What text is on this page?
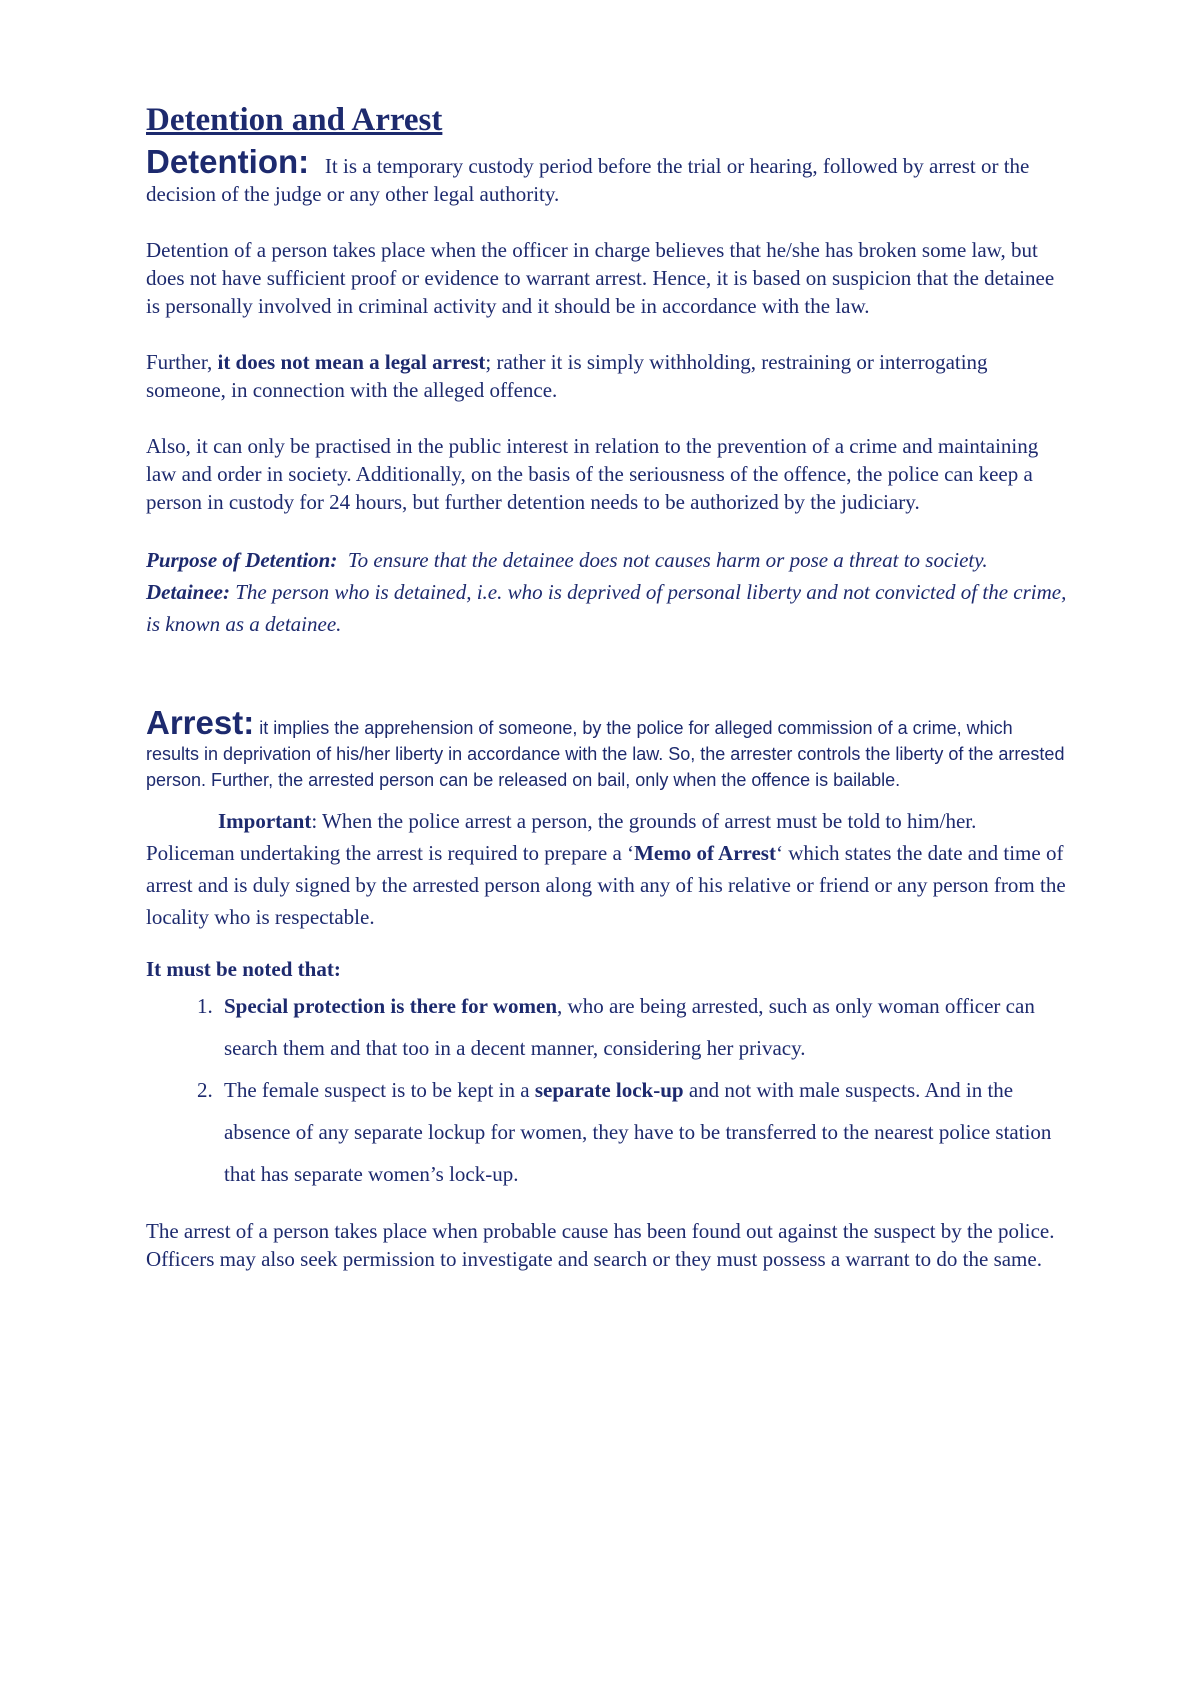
Detention and Arrest

Detention: It is a temporary custody period before the trial or hearing, followed by arrest or the decision of the judge or any other legal authority.

Detention of a person takes place when the officer in charge believes that he/she has broken some law, but does not have sufficient proof or evidence to warrant arrest. Hence, it is based on suspicion that the detainee is personally involved in criminal activity and it should be in accordance with the law.

Further, it does not mean a legal arrest; rather it is simply withholding, restraining or interrogating someone, in connection with the alleged offence.

Also, it can only be practised in the public interest in relation to the prevention of a crime and maintaining law and order in society. Additionally, on the basis of the seriousness of the offence, the police can keep a person in custody for 24 hours, but further detention needs to be authorized by the judiciary.

Purpose of Detention: To ensure that the detainee does not causes harm or pose a threat to society.

Detainee: The person who is detained, i.e. who is deprived of personal liberty and not convicted of the crime, is known as a detainee.

Arrest: it implies the apprehension of someone, by the police for alleged commission of a crime, which results in deprivation of his/her liberty in accordance with the law. So, the arrester controls the liberty of the arrested person. Further, the arrested person can be released on bail, only when the offence is bailable.

Important: When the police arrest a person, the grounds of arrest must be told to him/her. Policeman undertaking the arrest is required to prepare a ‘Memo of Arrest‘ which states the date and time of arrest and is duly signed by the arrested person along with any of his relative or friend or any person from the locality who is respectable.

It must be noted that:

1. Special protection is there for women, who are being arrested, such as only woman officer can search them and that too in a decent manner, considering her privacy.
2. The female suspect is to be kept in a separate lock-up and not with male suspects. And in the absence of any separate lockup for women, they have to be transferred to the nearest police station that has separate women’s lock-up.

The arrest of a person takes place when probable cause has been found out against the suspect by the police. Officers may also seek permission to investigate and search or they must possess a warrant to do the same.
